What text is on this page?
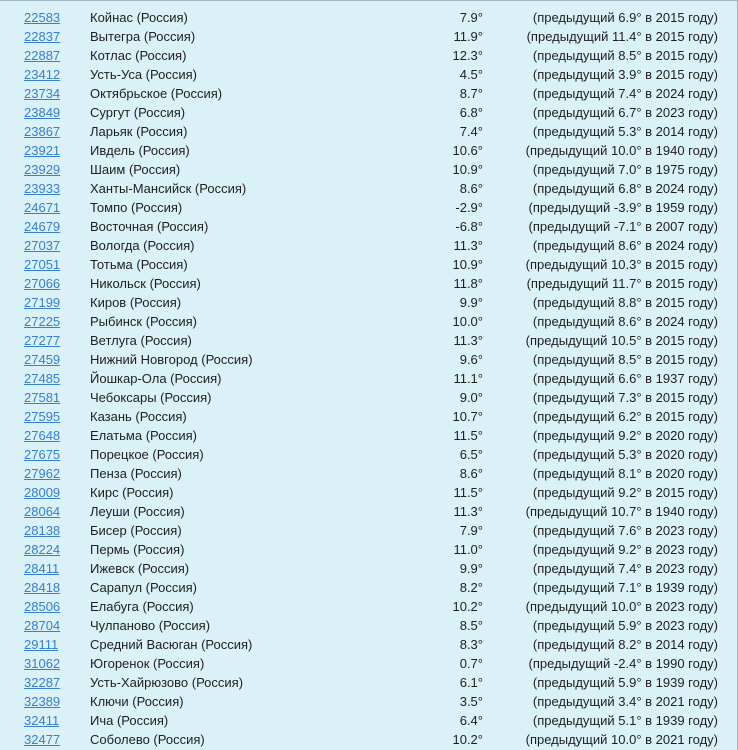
22583 Койнас (Россия)	7.9°	(предыдущий 6.9° в 2015 году)
22837 Вытегра (Россия)	11.9°	(предыдущий 11.4° в 2015 году)
22887 Котлас (Россия)	12.3°	(предыдущий 8.5° в 2015 году)
23412 Усть-Уса (Россия)	4.5°	(предыдущий 3.9° в 2015 году)
23734 Октябрьское (Россия)	8.7°	(предыдущий 7.4° в 2024 году)
23849 Сургут (Россия)	6.8°	(предыдущий 6.7° в 2023 году)
23867 Ларьяк (Россия)	7.4°	(предыдущий 5.3° в 2014 году)
23921 Ивдель (Россия)	10.6°	(предыдущий 10.0° в 1940 году)
23929 Шаим (Россия)	10.9°	(предыдущий 7.0° в 1975 году)
23933 Ханты-Мансийск (Россия)	8.6°	(предыдущий 6.8° в 2024 году)
24671 Томпо (Россия)	-2.9°	(предыдущий -3.9° в 1959 году)
24679 Восточная (Россия)	-6.8°	(предыдущий -7.1° в 2007 году)
27037 Вологда (Россия)	11.3°	(предыдущий 8.6° в 2024 году)
27051 Тотьма (Россия)	10.9°	(предыдущий 10.3° в 2015 году)
27066 Никольск (Россия)	11.8°	(предыдущий 11.7° в 2015 году)
27199 Киров (Россия)	9.9°	(предыдущий 8.8° в 2015 году)
27225 Рыбинск (Россия)	10.0°	(предыдущий 8.6° в 2024 году)
27277 Ветлуга (Россия)	11.3°	(предыдущий 10.5° в 2015 году)
27459 Нижний Новгород (Россия)	9.6°	(предыдущий 8.5° в 2015 году)
27485 Йошкар-Ола (Россия)	11.1°	(предыдущий 6.6° в 1937 году)
27581 Чебоксары (Россия)	9.0°	(предыдущий 7.3° в 2015 году)
27595 Казань (Россия)	10.7°	(предыдущий 6.2° в 2015 году)
27648 Елатьма (Россия)	11.5°	(предыдущий 9.2° в 2020 году)
27675 Порецкое (Россия)	6.5°	(предыдущий 5.3° в 2020 году)
27962 Пенза (Россия)	8.6°	(предыдущий 8.1° в 2020 году)
28009 Кирс (Россия)	11.5°	(предыдущий 9.2° в 2015 году)
28064 Леуши (Россия)	11.3°	(предыдущий 10.7° в 1940 году)
28138 Бисер (Россия)	7.9°	(предыдущий 7.6° в 2023 году)
28224 Пермь (Россия)	11.0°	(предыдущий 9.2° в 2023 году)
28411 Ижевск (Россия)	9.9°	(предыдущий 7.4° в 2023 году)
28418 Сарапул (Россия)	8.2°	(предыдущий 7.1° в 1939 году)
28506 Елабуга (Россия)	10.2°	(предыдущий 10.0° в 2023 году)
28704 Чулпаново (Россия)	8.5°	(предыдущий 5.9° в 2023 году)
29111 Средний Васюган (Россия)	8.3°	(предыдущий 8.2° в 2014 году)
31062 Югоренок (Россия)	0.7°	(предыдущий -2.4° в 1990 году)
32287 Усть-Хайрюзово (Россия)	6.1°	(предыдущий 5.9° в 1939 году)
32389 Ключи (Россия)	3.5°	(предыдущий 3.4° в 2021 году)
32411 Ича (Россия)	6.4°	(предыдущий 5.1° в 1939 году)
32477 Соболево (Россия)	10.2°	(предыдущий 10.0° в 2021 году)
